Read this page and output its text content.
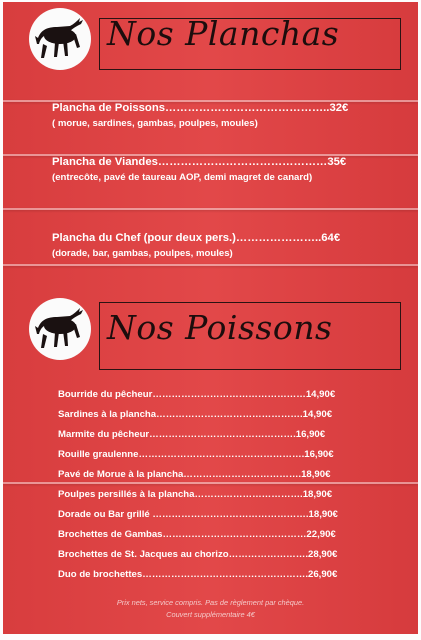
Nos Planchas
Plancha de Poissons……………………………………..32€
( morue, sardines, gambas, poulpes, moules)
Plancha de Viandes………………………………………35€
(entrecôte, pavé de taureau AOP, demi magret de canard)
Plancha du Chef (pour deux pers.)…………………..64€
(dorade, bar, gambas, poulpes, moules)
Nos Poissons
Bourride du pêcheur…………………………………………14,90€
Sardines à la plancha……………………………………….14,90€
Marmite du pêcheur……………………………………….16,90€
Rouille graulenne…………………………………………….16,90€
Pavé de Morue à la plancha……………………………….18,90€
Poulpes persillés à la plancha…………………………….18,90€
Dorade ou Bar grillé ………………………………………….18,90€
Brochettes de Gambas………………………………………22,90€
Brochettes de St. Jacques au chorizo…………………….28,90€
Duo de brochettes…………………………………………….26,90€
Prix nets, service compris. Pas de règlement par chèque.
Couvert supplémentaire 4€
